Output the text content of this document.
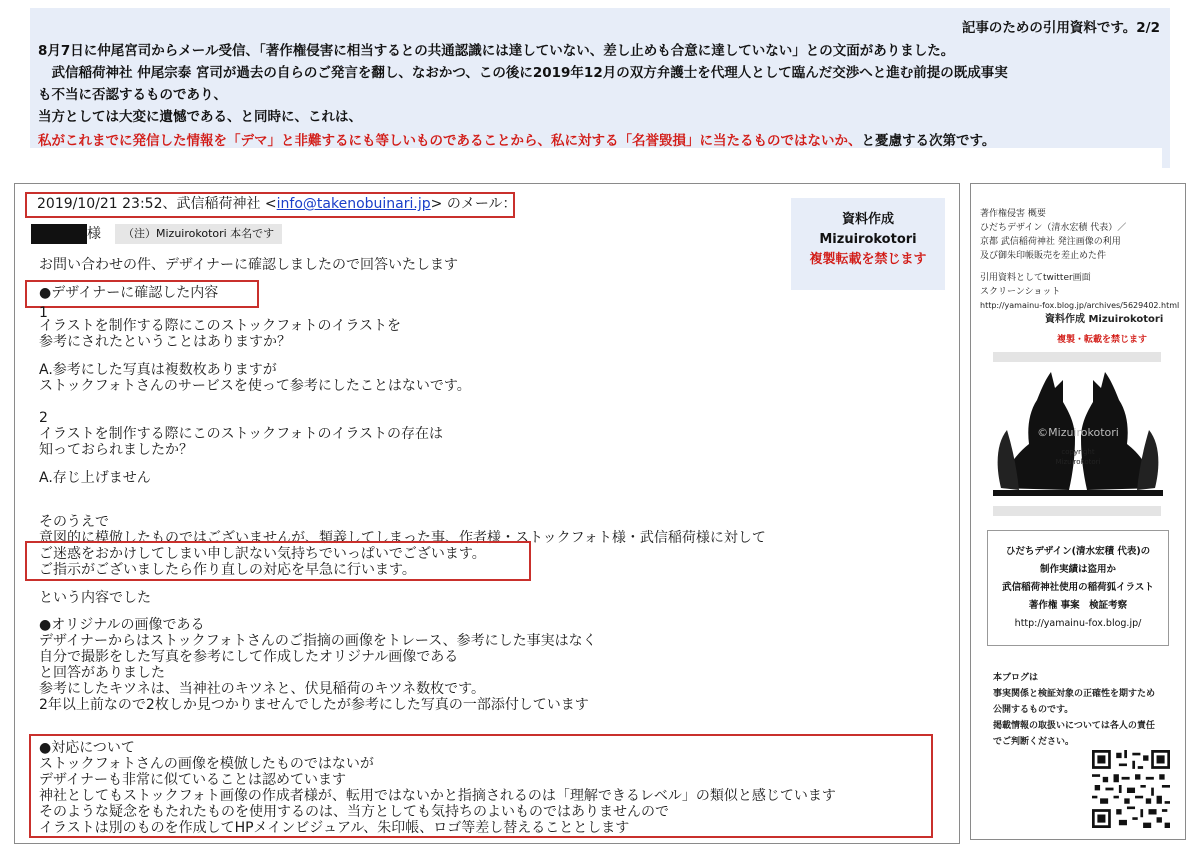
記事のための引用資料です。2/2
8月7日に仲尾宮司からメール受信、「著作権侵害に相当するとの共通認識には達していない、差し止めも合意に達していない」との文面がありました。
　武信稲荷神社 仲尾宗泰 宮司が過去の自らのご発言を翻し、なおかつ、この後に2019年12月の双方弁護士を代理人として臨んだ交渉へと進む前提の既成事実
も不当に否認するものであり、
当方としては大変に遺憾である、と同時に、これは、
私がこれまでに発信した情報を「デマ」と非難するにも等しいものであることから、私に対する「名誉毀損」に当たるものではないか、と憂慮する次第です。
2019/10/21 23:52、武信稲荷神社 <info@takenobuinari.jp> のメール：
様	（注）Mizuirokotori 本名です
資料作成
Mizuirokotori
複製転載を禁じます
お問い合わせの件、デザイナーに確認しましたので回答いたします
●デザイナーに確認した内容
1
イラストを制作する際にこのストックフォトのイラストを
参考にされたということはありますか？
A.参考にした写真は複数枚ありますが
ストックフォトさんのサービスを使って参考にしたことはないです。
2
イラストを制作する際にこのストックフォトのイラストの存在は
知っておられましたか？
A.存じ上げません
そのうえで
意図的に模倣したものではございませんが、類義してしまった事、作者様・ストックフォト様・武信稲荷様に対して
ご迷惑をおかけしてしまい申し訳ない気持ちでいっぱいでございます。
ご指示がございましたら作り直しの対応を早急に行います。
という内容でした
●オリジナルの画像である
デザイナーからはストックフォトさんのご指摘の画像をトレース、参考にした事実はなく
自分で撮影をした写真を参考にして作成したオリジナル画像である
と回答がありました
参考にしたキツネは、当神社のキツネと、伏見稲荷のキツネ数枚です。
2年以上前なので2枚しか見つかりませんでしたが参考にした写真の一部添付しています
●対応について
ストックフォトさんの画像を模倣したものではないが
デザイナーも非常に似ていることは認めています
神社としてもストックフォト画像の作成者様が、転用ではないかと指摘されるのは「理解できるレベル」の類似と感じています
そのような疑念をもたれたものを使用するのは、当方としても気持ちのよいものではありませんので
イラストは別のものを作成してHPメインビジュアル、朱印帳、ロゴ等差し替えることとします
著作権侵害 概要
ひだちデザイン（清水宏積 代表）／
京都 武信稲荷神社 発注画像の利用
及び御朱印帳販売を差止めた件
引用資料としてtwitter画面
スクリーンショット
http://yamainu-fox.blog.jp/archives/5629402.html
資料作成 Mizuirokotori
複製・転載を禁じます
©Mizuirokotori
copyright
Mizuirokotori
ひだちデザイン(清水宏積 代表)の
制作実績は盗用か
武信稲荷神社使用の稲荷狐イラスト
著作権 事案　検証考察
http://yamainu-fox.blog.jp/
本ブログは
事実関係と検証対象の正確性を期すため
公開するものです。
掲載情報の取扱いについては各人の責任
でご判断ください。
